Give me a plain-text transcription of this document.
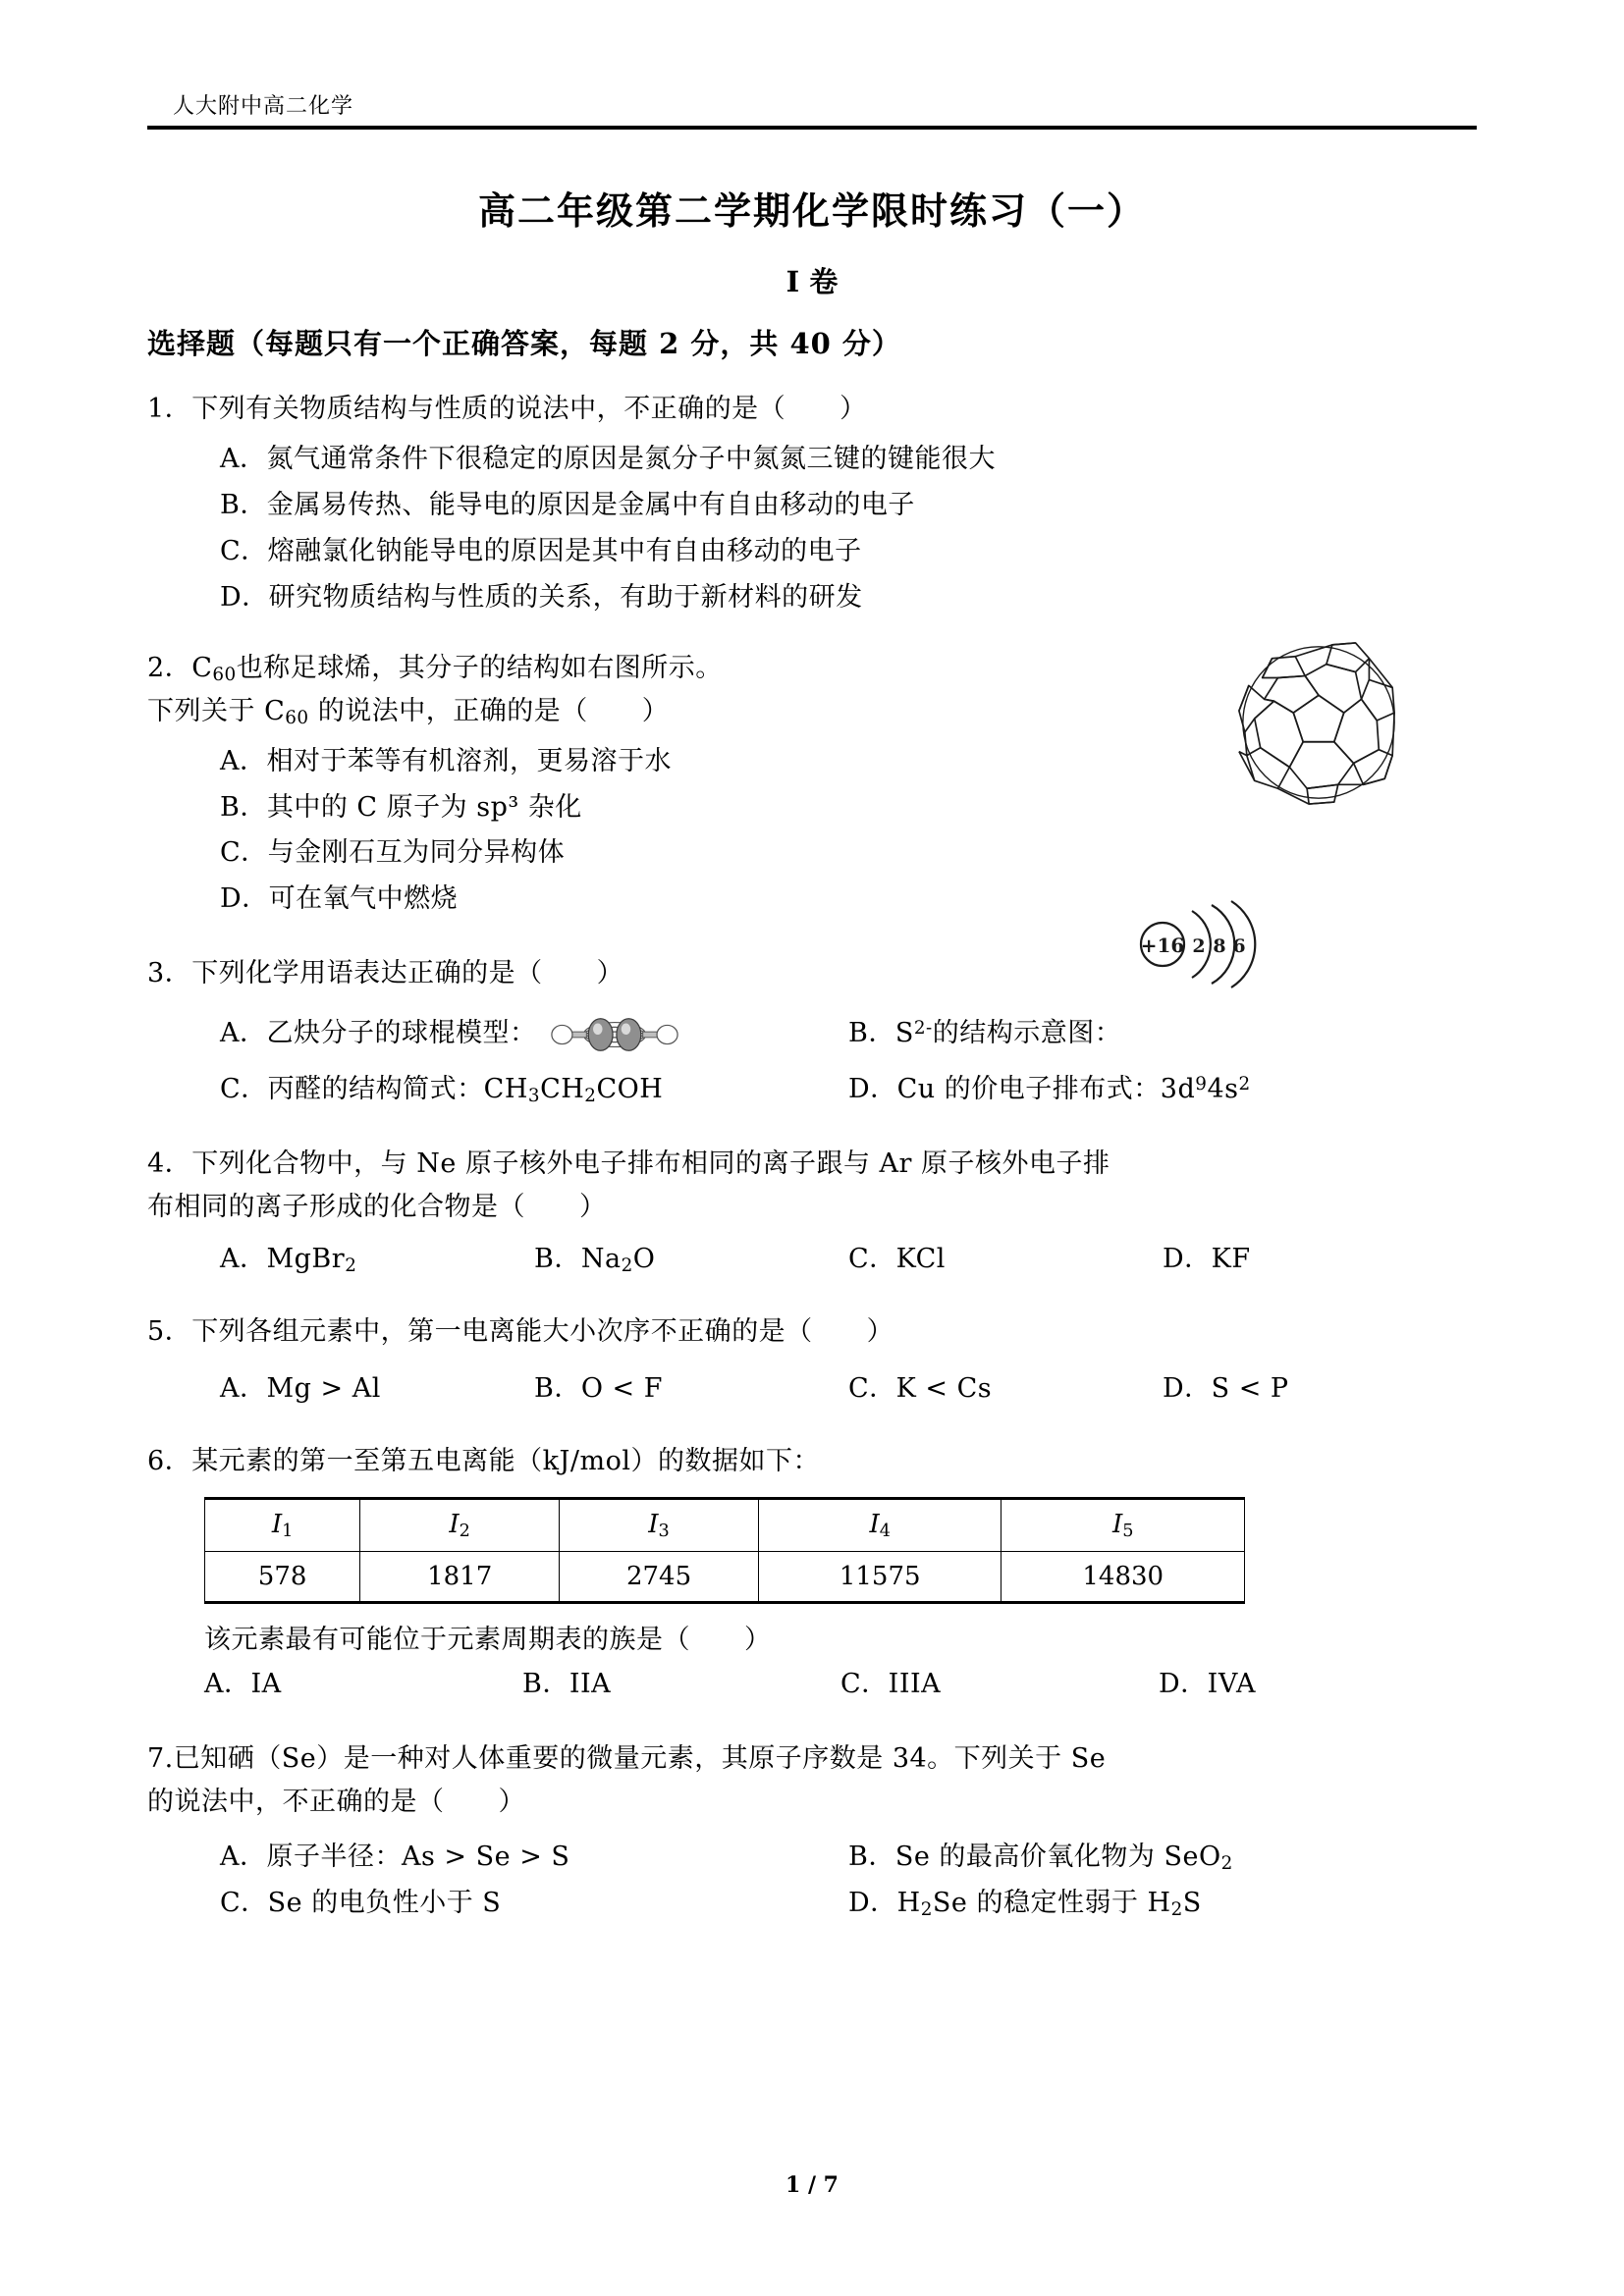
人大附中高二化学
高二年级第二学期化学限时练习（一）
I 卷
选择题（每题只有一个正确答案，每题 2 分，共 40 分）
1．下列有关物质结构与性质的说法中，不正确 ・・・的是（　　）
A．氮气通常条件下很稳定的原因是氮分子中氮氮三键的键能很大
B．金属易传热、能导电的原因是金属中有自由移动的电子
C．熔融氯化钠能导电的原因是其中有自由移动的电子
D．研究物质结构与性质的关系，有助于新材料的研发
2．$C_{60}$也称足球烯，其分子的结构如右图所示。
下列关于 $C_{60}$ 的说法中，正确的是（　　）
A．相对于苯等有机溶剂，更易溶于水
B．其中的 C 原子为 sp³ 杂化
C．与金刚石互为同分异构体
D．可在氧气中燃烧
+16 2 8 6
3．下列化学用语表达正确的是（　　）
A．乙炔分子的球棍模型：	B．$S^{2-}$的结构示意图：
C．丙醛的结构简式：$CH_3CH_2COH$	D．Cu 的价电子排布式：$3d^94s^2$
4．下列化合物中，与 Ne 原子核外电子排布相同的离子跟与 Ar 原子核外电子排
布相同的离子形成的化合物是（　　）
A．MgBr$_2$	B．$Na_2O$	C．KCl	D．KF
5．下列各组元素中，第一电离能大小次序不正确 ・・・的是（　　）
A．Mg > Al	B．O < F	C．K < Cs	D．S < P
6．某元素的第一至第五电离能（kJ/mol）的数据如下：
$I_1$	$I_2$	$I_3$	$I_4$	$I_5$
578	1817	2745	11575	14830
该元素最有可能位于元素周期表的族是（　　）
A．IA	B．IIA	C．IIIA	D．IVA
7.已知硒（Se）是一种对人体重要的微量元素，其原子序数是 34。下列关于 Se
的说法中，不正确 ・・・的是（　　）
A．原子半径：As > Se > S	B．Se 的最高价氧化物为 SeO$_2$
C．Se 的电负性小于 S	D．$H_2Se$ 的稳定性弱于 $H_2S$
1 / 7
